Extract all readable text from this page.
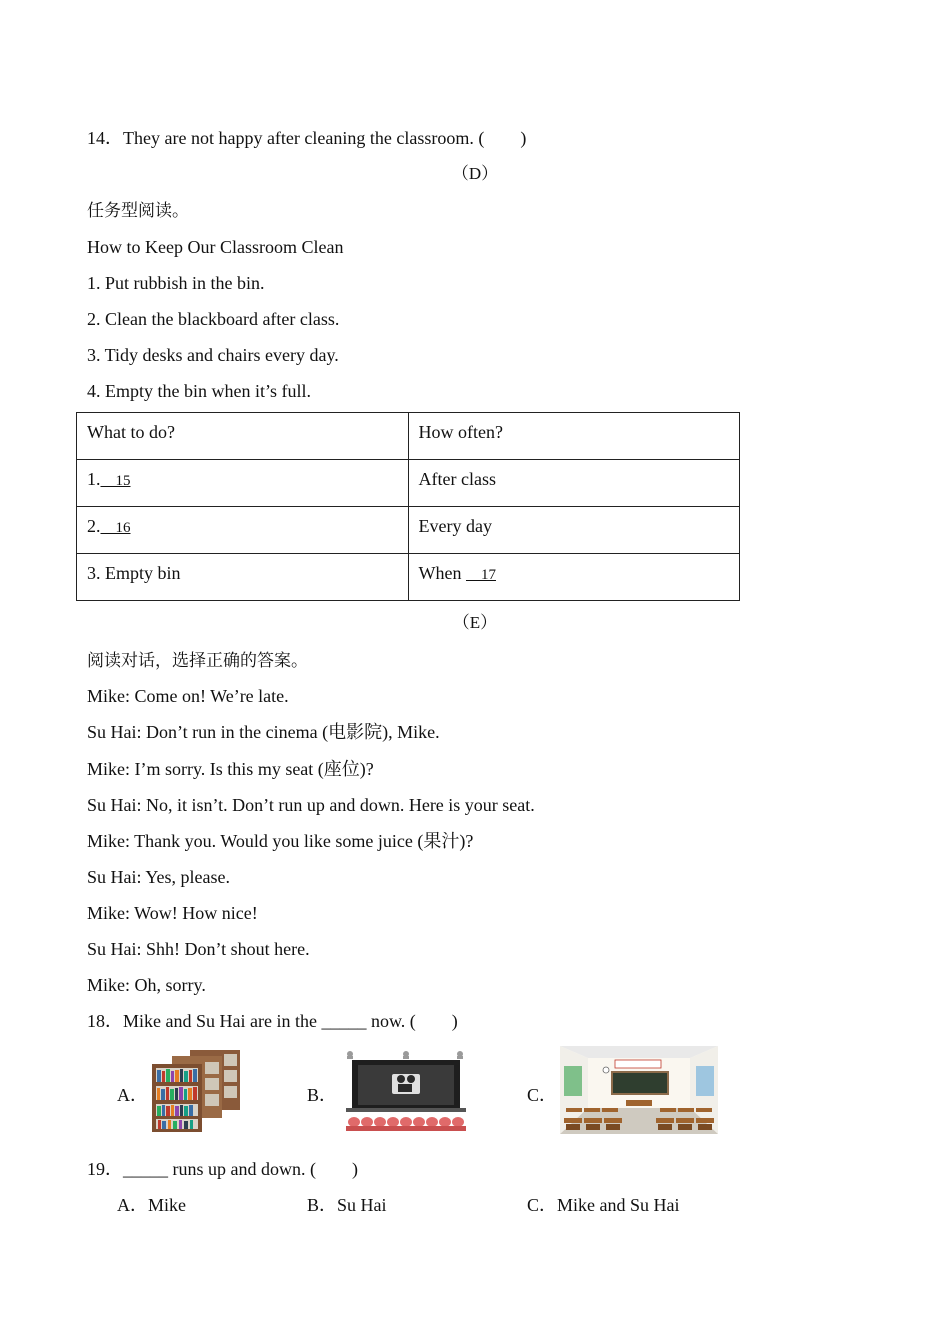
14．They are not happy after cleaning the classroom. (　　)
（D）
任务型阅读。
How to Keep Our Classroom Clean
1. Put rubbish in the bin.
2. Clean the blackboard after class.
3. Tidy desks and chairs every day.
4. Empty the bin when it’s full.
What to do?	How often?
1.    15	After class
2.    16	Every day
3. Empty bin	When     17
（E）
阅读对话，选择正确的答案。
Mike: Come on! We’re late.
Su Hai: Don’t run in the cinema (电影院), Mike.
Mike: I’m sorry. Is this my seat (座位)?
Su Hai: No, it isn’t. Don’t run up and down. Here is your seat.
Mike: Thank you. Would you like some juice (果汁)?
Su Hai: Yes, please.
Mike: Wow! How nice!
Su Hai: Shh! Don’t shout here.
Mike: Oh, sorry.
18．Mike and Su Hai are in the _____ now. (　　)
A．	B．	C．
19．_____ runs up and down. (　　)
A．Mike	B．Su Hai	C．Mike and Su Hai
